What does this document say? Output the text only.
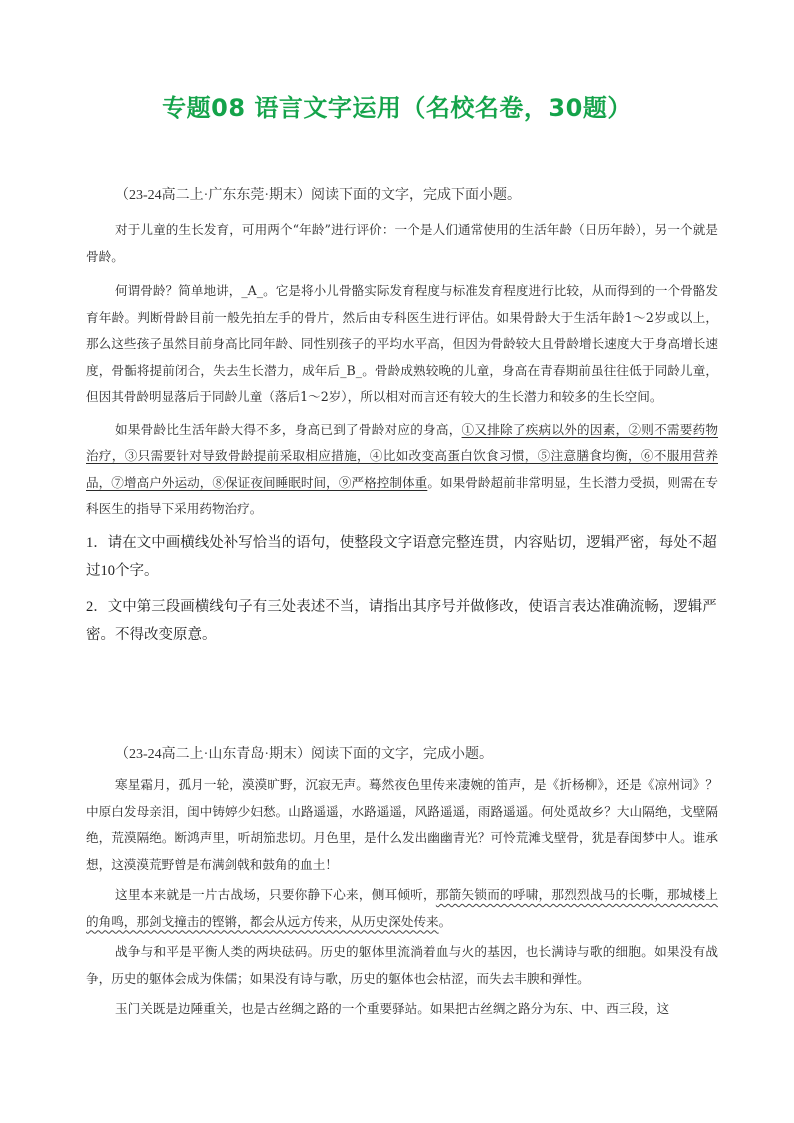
专题08 语言文字运用（名校名卷，30题）
（23-24高二上·广东东莞·期末）阅读下面的文字，完成下面小题。

对于儿童的生长发育，可用两个“年龄”进行评价：一个是人们通常使用的生活年龄（日历年龄），另一个就是骨龄。

何谓骨龄？简单地讲，_A_。它是将小儿骨骼实际发育程度与标准发育程度进行比较，从而得到的一个骨骼发育年龄。判断骨龄目前一般先拍左手的骨片，然后由专科医生进行评估。如果骨龄大于生活年龄1～2岁或以上，那么这些孩子虽然目前身高比同年龄、同性别孩子的平均水平高，但因为骨龄较大且骨龄增长速度大于身高增长速度，骨骺将提前闭合，失去生长潜力，成年后_B_。骨龄成熟较晚的儿童，身高在青春期前虽往往低于同龄儿童，但因其骨龄明显落后于同龄儿童（落后1～2岁），所以相对而言还有较大的生长潜力和较多的生长空间。

如果骨龄比生活年龄大得不多，身高已到了骨龄对应的身高，①又排除了疾病以外的因素，②则不需要药物治疗，③只需要针对导致骨龄提前采取相应措施，④比如改变高蛋白饮食习惯，⑤注意膳食均衡，⑥不服用营养品，⑦增高户外运动，⑧保证夜间睡眠时间，⑨严格控制体重。如果骨龄超前非常明显，生长潜力受损，则需在专科医生的指导下采用药物治疗。

1．请在文中画横线处补写恰当的语句，使整段文字语意完整连贯，内容贴切，逻辑严密，每处不超过10个字。

2．文中第三段画横线句子有三处表述不当，请指出其序号并做修改，使语言表达准确流畅，逻辑严密。不得改变原意。

（23-24高二上·山东青岛·期末）阅读下面的文字，完成小题。

寒星霜月，孤月一轮，漠漠旷野，沉寂无声。蓦然夜色里传来凄婉的笛声，是《折杨柳》，还是《凉州词》？中原白发母亲泪，闺中铸婷少妇愁。山路遥遥，水路遥遥，风路遥遥，雨路遥遥。何处觅故乡？大山隔绝，戈壁隔绝，荒漠隔绝。断鸿声里，听胡笳悲切。月色里，是什么发出幽幽青光？可怜荒滩戈壁骨，犹是春闺梦中人。谁承想，这漠漠荒野曾是布满剑戟和鼓角的血土！

这里本来就是一片古战场，只要你静下心来，侧耳倾听，那箭矢锁而的呼啸，那烈烈战马的长嘶，那城楼上的角鸣，那剑戈撞击的铿锵，都会从远方传来，从历史深处传来。

战争与和平是平衡人类的两块砝码。历史的躯体里流淌着血与火的基因，也长满诗与歌的细胞。如果没有战争，历史的躯体会成为侏儒；如果没有诗与歌，历史的躯体也会枯涩，而失去丰腴和弹性。

玉门关既是边陲重关，也是古丝绸之路的一个重要驿站。如果把古丝绸之路分为东、中、西三段，这
